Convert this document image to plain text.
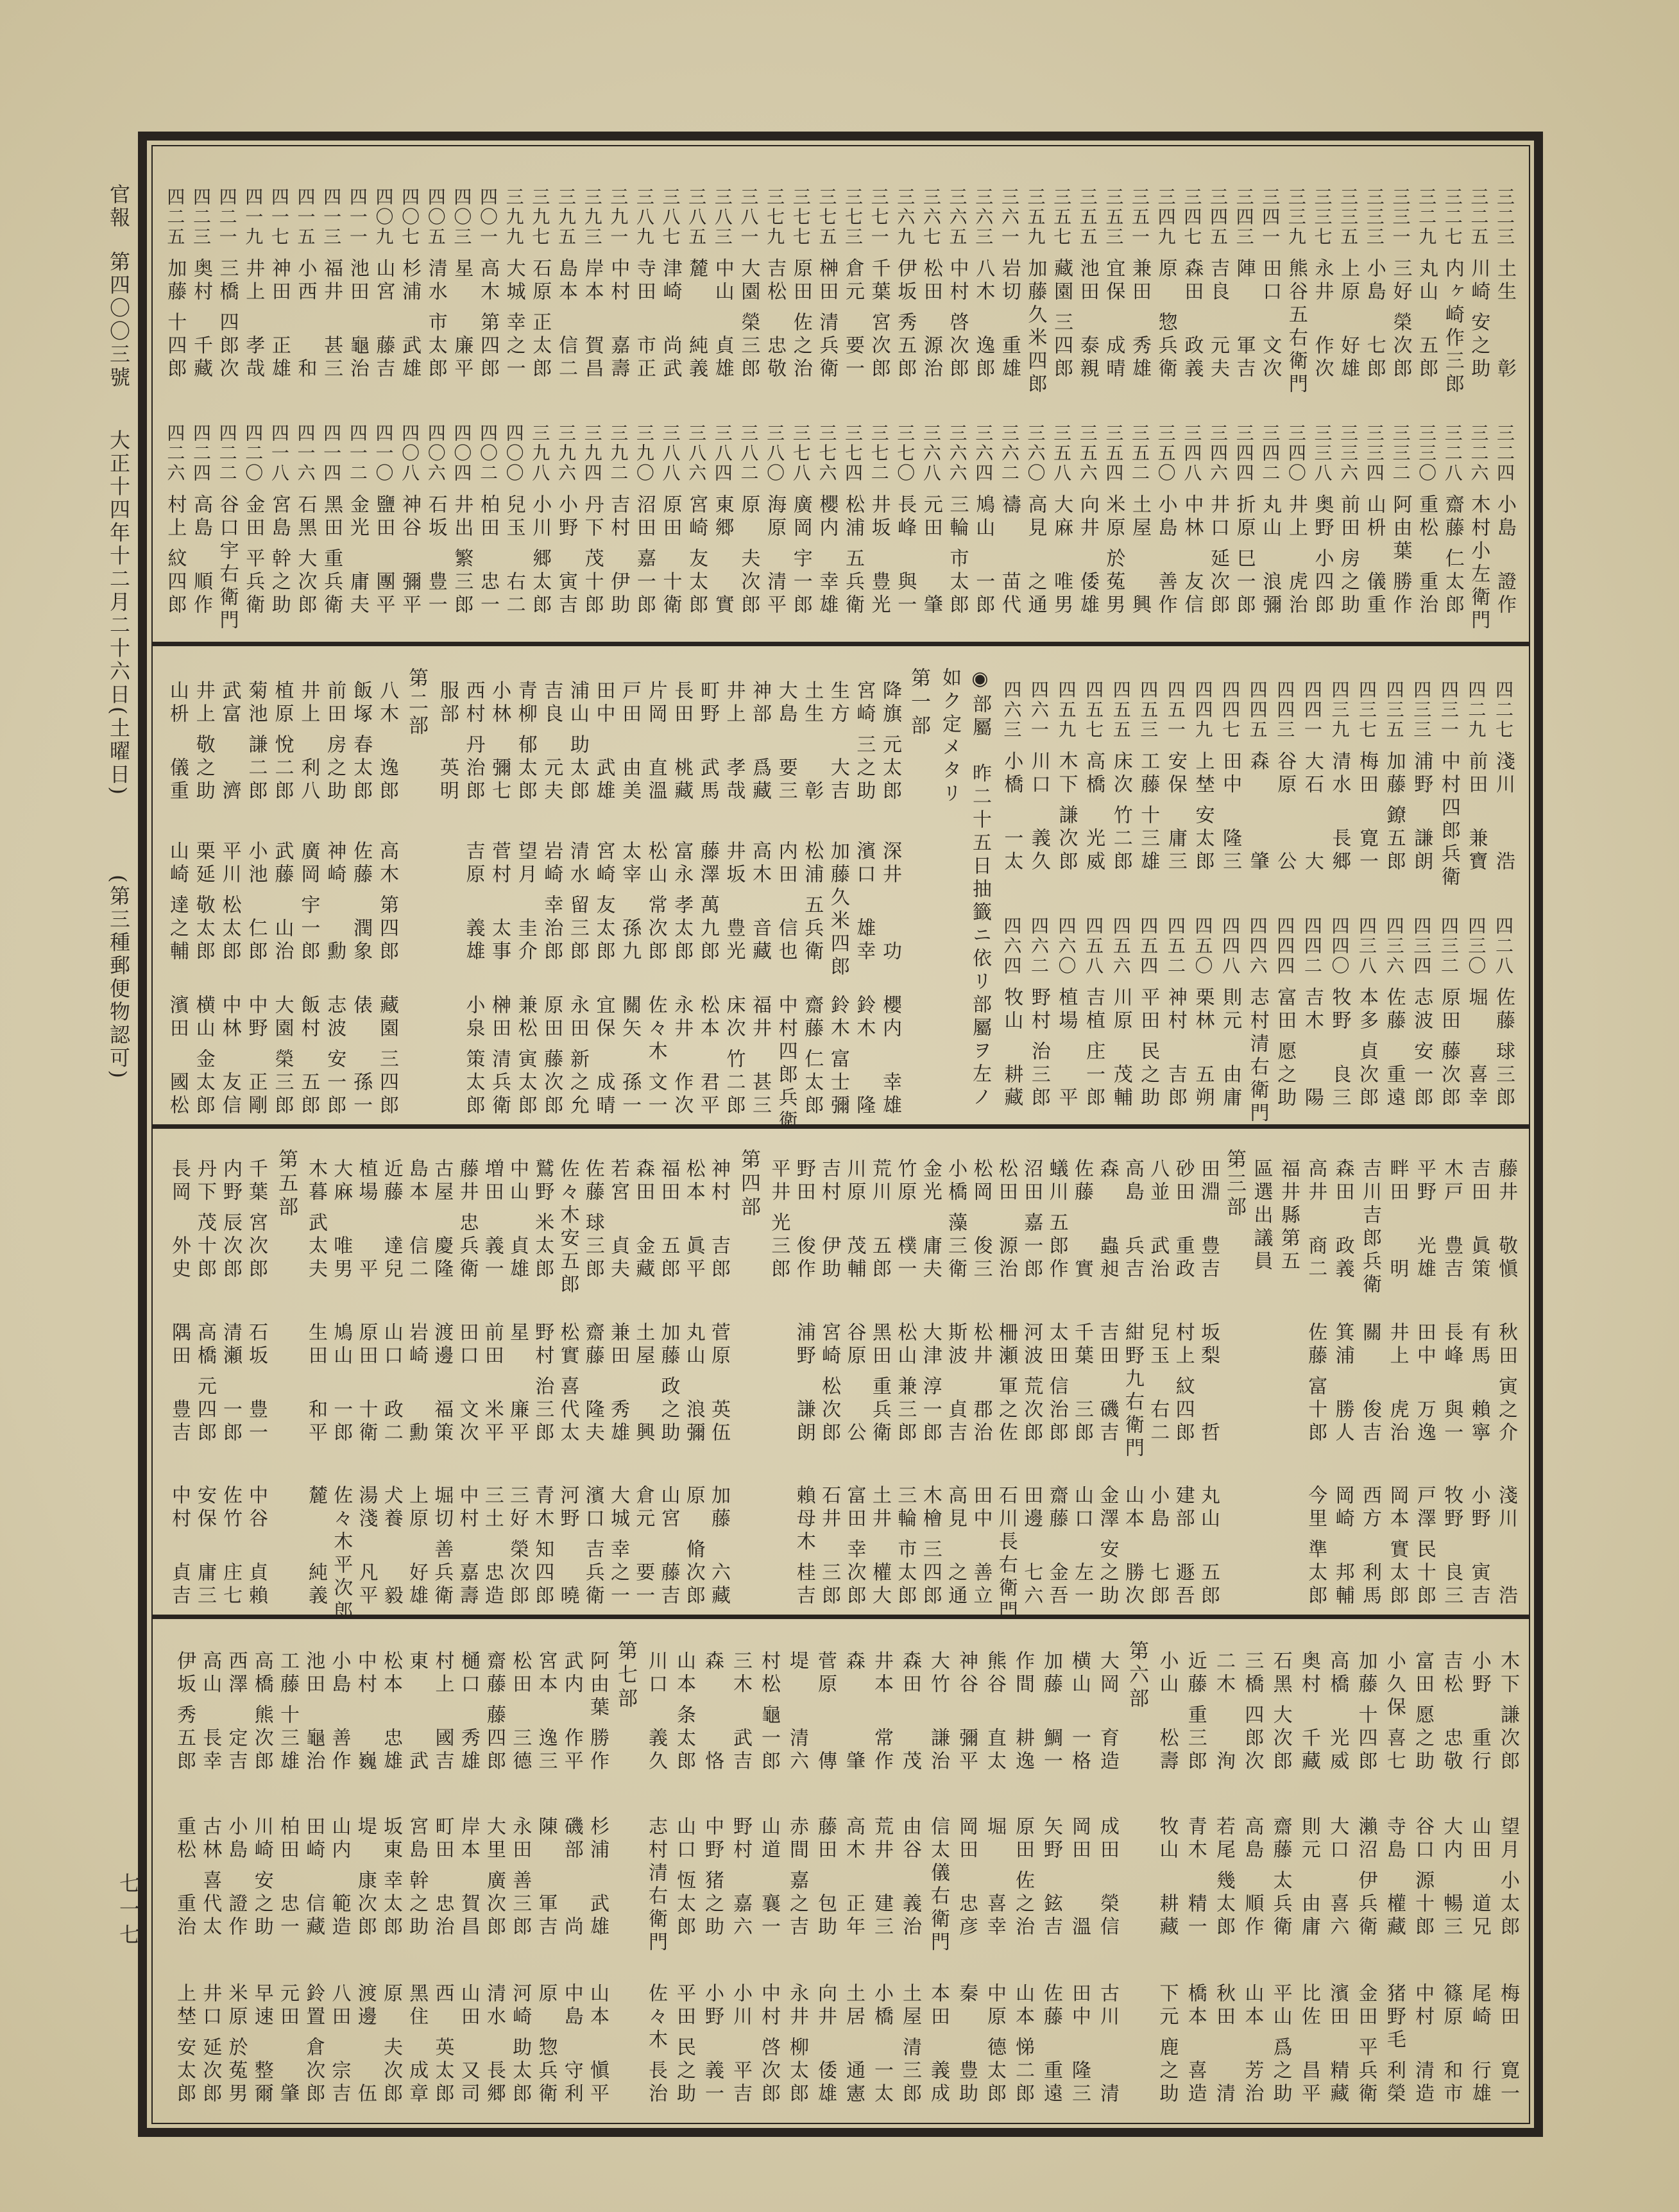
官報
第四〇〇三號
大正十四年十二月二十六日(土曜日)
(第三種郵便物認可)
七一七
三二三
土生
彰
三二五
川崎
安之助
三二七
内ヶ崎
作三郎
三二九
丸山
五郎
三三一
三好
榮次郎
三三三
小島
七郎
三三五
上原
好雄
三三七
永井
作次
三三九
熊谷
五右衛門
三四一
田口
文次
三四三
陣
軍吉
三四五
吉良
元夫
三四七
森田
政義
三四九
原
惣兵衛
三五一
兼田
秀雄
三五三
宜保
成晴
三五五
池田
泰親
三五七
藏園
三四郎
三五九
加藤
久米四郎
三六一
岩切
重雄
三六三
八木
逸郎
三六五
中村
啓次郎
三六七
松田
源治
三六九
伊坂
秀五郎
三七一
千葉
宮次郎
三七三
倉元
要一
三七五
榊田
清兵衛
三七七
原田
佐之治
三七九
吉松
忠敬
三八一
大園
榮三郎
三八三
中山
貞雄
三八五
麓
純義
三八七
津崎
尚武
三八九
寺田
市正
三九一
中村
嘉壽
三九三
岸本
賀昌
三九五
島本
信二
三九七
石原
正太郎
三九九
大城
幸之一
四〇一
高木
第四郎
四〇三
星
廉平
四〇五
清水
市太郎
四〇七
杉浦
武雄
四〇九
山宮
藤吉
四一一
池田
龜治
四一三
福井
甚三
四一五
小西
和
四一七
神田
正雄
四一九
井上
孝哉
四二一
三橋
四郎次
四二三
奥村
千藏
四二五
加藤
十四郎
三二四
小島
證作
三二六
木村
小左衛門
三二八
齋藤
仁太郎
三三〇
重松
重治
三三二
阿由葉
勝作
三三四
山枡
儀重
三三六
前田
房之助
三三八
奥野
小四郎
三四〇
井上
虎治
三四二
丸山
浪彌
三四四
折原
巳一郎
三四六
井口
延次郎
三四八
中林
友信
三五〇
小島
善作
三五二
土屋
興
三五四
米原
於菟男
三五六
向井
倭雄
三五八
大麻
唯男
三六〇
高見
之通
三六二
禱
苗代
三六四
鳩山
一郎
三六六
三輪
市太郎
三六八
元田
肇
三七〇
長峰
與一
三七二
井坂
豊光
三七四
松浦
五兵衛
三七六
櫻内
幸雄
三七八
廣岡
宇一郎
三八〇
海原
清平
三八二
原
夫次郎
三八四
東郷
實
三八六
宮崎
友太郎
三八八
原田
十衛
三九〇
沼田
嘉一郎
三九二
吉村
伊助
三九四
丹下
茂十郎
三九六
小野
寅吉
三九八
小川
郷太郎
四〇〇
兒玉
右二
四〇二
柏田
忠一
四〇四
井出
繁三郎
四〇六
石坂
豊一
四〇八
神谷
彌平
四一〇
鹽田
團平
四一二
金光
庸夫
四一四
黑田
重兵衛
四一六
石黑
大次郎
四一八
宮島
幹之助
四二〇
金田
平兵衛
四二二
谷口
宇右衛門
四二四
高島
順作
四二六
村上
紋四郎
四二七
淺川
浩
四二九
前田
兼寶
四三一
中村
四郎兵衛
四三三
浦野
謙朗
四三五
加藤
鐐五郎
四三七
梅田
寛一
四三九
清水
長郷
四四一
大石
大
四四三
谷原
公
四四五
森
肇
四四七
田中
隆三
四四九
上埜
安太郎
四五一
安保
庸三
四五三
工藤
十三雄
四五五
床次
竹二郎
四五七
高橋
光威
四五九
木下
謙次郎
四六一
川口
義久
四六三
小橋
一太
四二八
佐藤
球三郎
四三〇
堀
喜幸
四三二
原田
藤次郎
四三四
志波
安一郎
四三六
佐藤
重遠
四三八
本多
貞次郎
四四〇
牧野
良三
四四二
吉木
陽
四四四
富田
愿之助
四四六
志村
清右衛門
四四八
則元
由庸
四五〇
栗林
五朔
四五二
神村
吉郎
四五四
平田
民之助
四五六
川原
茂輔
四五八
吉植
庄一郎
四六〇
植場
平
四六二
野村
治三郎
四六四
牧山
耕藏
◉部屬　昨二十五日抽籤ニ依リ部屬ヲ左ノ
如ク定メタリ
第一部
降旗
元太郎
宮崎
三之助
生方
大吉
土生
彰
大島
要三
神部
爲藏
井上
孝哉
町野
武馬
長田
桃藏
片岡
直溫
戸田
由美
田中
武雄
浦山
助太郎
吉良
元夫
青柳
郁太郎
小林
彌七
西村
丹治郎
服部
英明
深井
功
濱口
雄幸
加藤
久米四郎
松浦
五兵衛
内田
信也
高木
音藏
井坂
豊光
藤澤
萬九郎
富永
孝太郎
松山
常次郎
太宰
孫九
宮崎
友太郎
清水
留三郎
岩崎
幸治郎
望月
圭介
菅村
太事
吉原
義雄
櫻内
幸雄
鈴木
隆
鈴木
富士彌
齋藤
仁太郎
中村
四郎兵衛
福井
甚三
床次
竹二郎
松本
君平
永井
作次
佐々木
文一
關矢
孫一
宜保
成晴
永田
新之允
原田
藤次郎
兼松
寅太郎
榊田
清兵衛
小泉
策太郎
第二部
八木
逸郎
飯塚
春太郎
前田
房之助
井上
利八
植原
悅二郎
菊池
謙二郎
武富
濟
井上
敬之助
山枡
儀重
高木
第四郎
佐藤
潤象
神崎
勳
廣岡
宇一郎
武藤
山治
小池
仁郎
平川
松太郎
栗延
敬太郎
山崎
達之輔
藏園
三四郎
俵
孫一
志波
安一郎
飯村
五郎
大園
榮三郎
中野
正剛
中林
友信
横山
金太郎
濱田
國松
藤井
敬愼
吉田
眞策
木戸
豊吉
平野
光雄
畔田
明
吉川
吉郎兵衛
森田
政義
高井
商二
福井縣第五
區選出議員
秋田
寅之介
有馬
賴寧
長峰
與一
田中
万逸
井上
虎治
關
俊吉
箕浦
勝人
佐藤
富十郎
淺川
浩
小野
寅吉
牧野
良三
戸澤
民十郎
岡本
實太郎
西方
利馬
岡崎
邦輔
今里
準太郎
第三部
田淵
豊吉
砂田
重政
八並
武治
高島
兵吉
森
蟲昶
佐藤
實
蟻川
五郎作
沼田
嘉一郎
松田
源治
松岡
俊三
小橋
藻三衛
金光
庸夫
竹原
樸一
荒川
五郎
川原
茂輔
吉村
伊助
野田
俊作
平井
光三郎
坂梨
哲
村上
紋四郎
兒玉
右二
紺野
九右衛門
吉田
磯吉
千葉
三郎
太田
信治郎
河波
荒次郎
柵瀬
軍之佐
松井
郡治
斯波
貞吉
大津
淳一郎
松山
兼三郎
黑田
重兵衛
谷原
公
宮崎
松次郎
浦野
謙朗
丸山
五郎
建部
遯吾
小島
七郎
山本
勝次
金澤
安之助
山口
左一
齋藤
金吾
田邊
七六
石川
長右衛門
田中
善立
高見
之通
木檜
三四郎
三輪
市太郎
土井
權大
富田
幸次郎
石井
三郎
賴母木
桂吉
第四部
神村
吉郎
松本
眞平
福田
五郎
森田
金藏
若宮
貞夫
佐藤
球三郎
佐々木
安五郎
鷲野
米太郎
中山
貞雄
増田
義一
藤井
忠兵衛
古屋
慶隆
島本
信二
近藤
達兒
植場
平
大麻
唯男
木暮
武太夫
菅原
英伍
丸山
浪彌
加藤
政之助
土屋
興
兼田
秀雄
齋藤
隆夫
松實
喜代太
野村
治三郎
星
廉平
前田
米平
田口
文次
渡邊
福策
岩崎
勳
山口
政二
原田
十衛
鳩山
一郎
生田
和平
加藤
六藏
原
脩次郎
山宮
藤吉
倉元
要一
大城
幸之一
濱口
吉兵衛
河野
曉
青木
知四郎
三好
榮次郎
三土
忠造
中村
嘉壽
堀切
善兵衛
上原
好雄
犬養
毅
湯淺
凡平
佐々木
平次郎
麓
純義
第五部
千葉
宮次郎
内野
辰次郎
丹下
茂十郎
長岡
外史
石坂
豊一
清瀬
一郎
高橋
元四郎
隅田
豊吉
中谷
貞賴
佐竹
庄七
安保
庸三
中村
貞吉
木下
謙次郎
小野
重行
吉松
忠敬
富田
愿之助
小久保
喜七
加藤
十四郎
高橋
光威
奥村
千藏
石黑
大次郎
三橋
四郎次
二木
洵
近藤
重三郎
小山
松壽
望月
小太郎
山田
道兄
大内
暢三
谷口
源十郎
寺島
權藏
瀨沼
伊兵衛
大口
喜六
則元
由庸
齋藤
太兵衛
高島
順作
若尾
幾太郎
青木
精一
牧山
耕藏
梅田
寛一
尾崎
行雄
篠原
和市
中村
清造
猪野毛
利榮
金田
平兵衛
濱田
精藏
比佐
昌平
平山
爲之助
山本
芳治
秋田
清
橋本
喜造
下元
鹿之助
第六部
大岡
育造
横山
一格
加藤
鯛一
作間
耕逸
熊谷
直太
神谷
彌平
大竹
謙治
森田
茂
井本
常作
森
肇
菅原
傳
堤
清六
村松
龜一郎
三木
武吉
森
恪
山本
条太郎
川口
義久
成田
榮信
岡田
溫
矢野
鉉吉
原田
佐之治
堀
喜幸
岡田
忠彦
信太
儀右衛門
由谷
義治
荒井
建三
高木
正年
藤田
包助
赤間
嘉之吉
山道
襄一
野村
嘉六
中野
猪之助
山口
恆太郎
志村
清右衛門
古川
清
田中
隆三
佐藤
重遠
山本
悌二郎
中原
德太郎
秦
豊助
本田
義成
土屋
清三郎
小橋
一太
土居
通憲
向井
倭雄
永井
柳太郎
中村
啓次郎
小川
平吉
小野
義一
平田
民之助
佐々木
長治
第七部
阿由葉
勝作
武内
作平
宮本
逸三
松田
三德
齋藤
藤四郎
樋口
秀雄
村上
國吉
東
武
松本
忠雄
中村
巍
小島
善作
池田
龜治
工藤
十三雄
高橋
熊次郎
西澤
定吉
高山
長幸
伊坂
秀五郎
杉浦
武雄
磯部
尚
陳
軍吉
永田
善三郎
大里
廣次郎
岸本
賀昌
町田
忠治
宮島
幹之助
坂東
幸太郎
堤
康次郎
山内
範造
田崎
信藏
柏田
忠一
川崎
安之助
小島
證作
古林
喜代太
重松
重治
山本
愼平
中島
守利
原
惣兵衛
河崎
助太郎
清水
長郷
山田
又司
西
英太郎
黑住
成章
原
夫次郎
渡邊
伍
八田
宗吉
鈴置
倉次郎
元田
肇
早速
整爾
米原
於菟男
井口
延次郎
上埜
安太郎
